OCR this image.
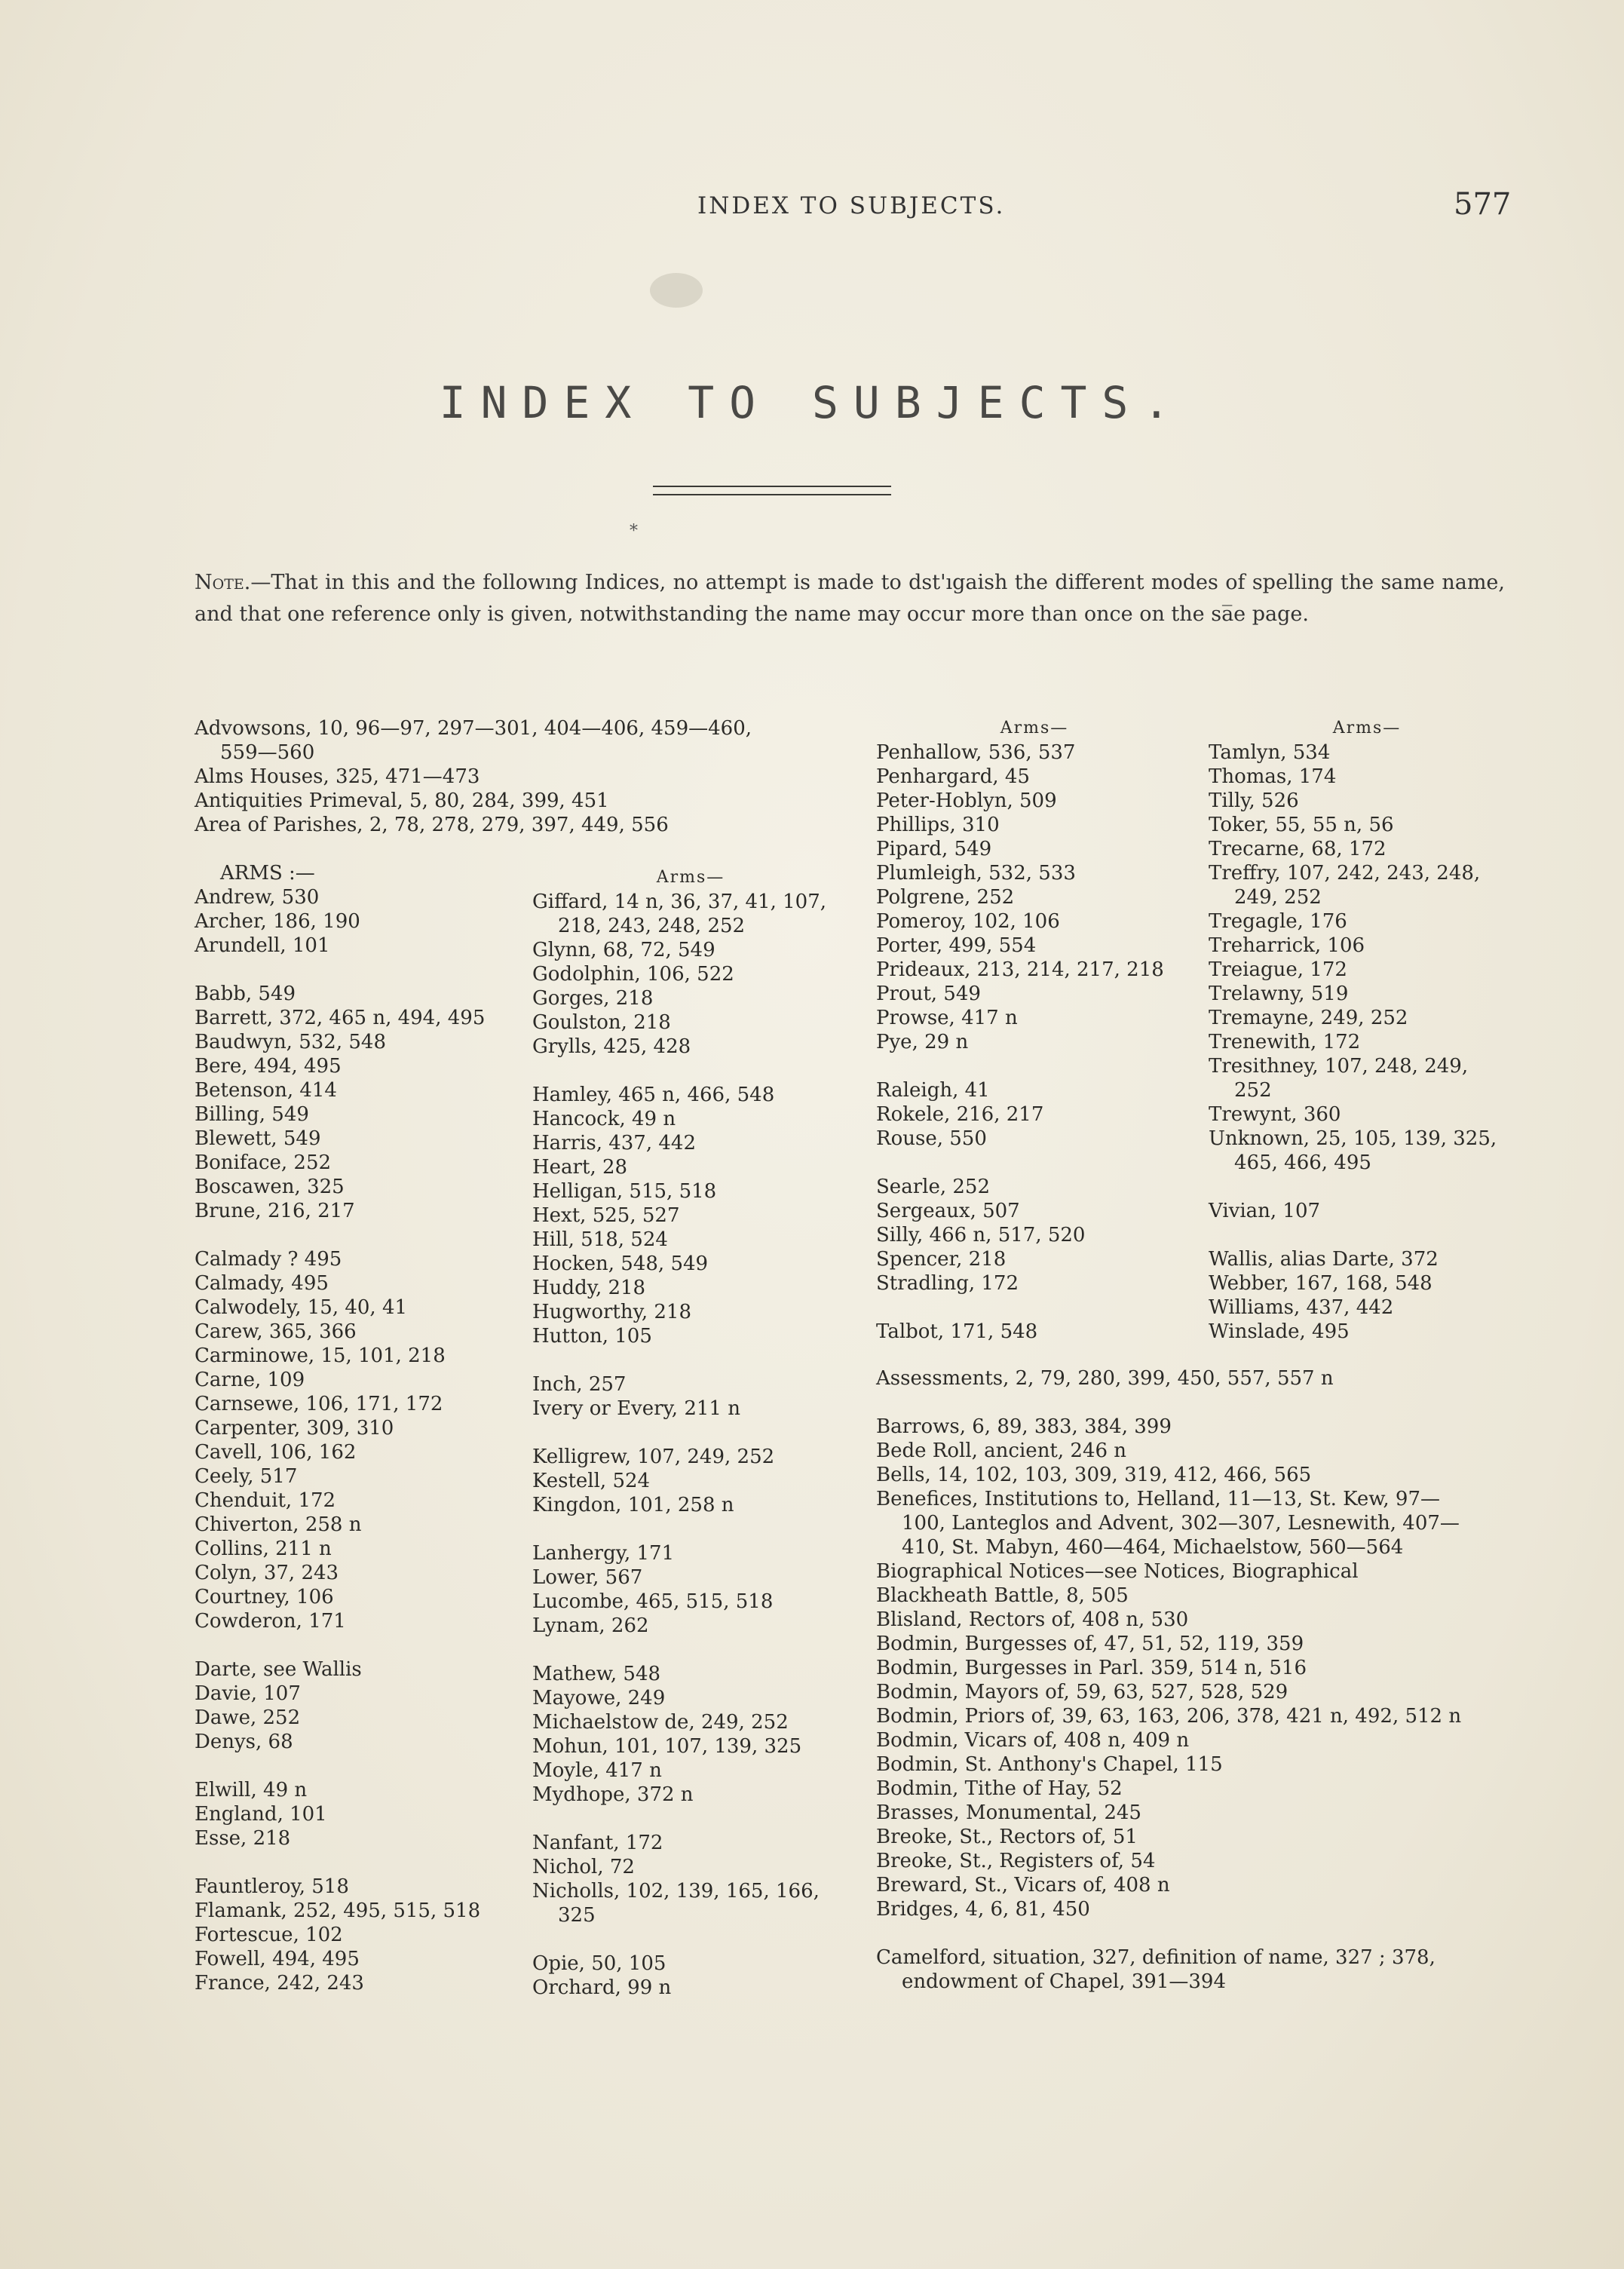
INDEX TO SUBJECTS.	577
INDEX TO SUBJECTS.
*
Note.—That in this and the followıng Indices, no attempt is made to dst'ıgaish the different modes of spelling the same name, and that one reference only is given, notwithstanding the name may occur more than once on the sa̅e page.
Advowsons, 10, 96—97, 297—301, 404—406, 459—460,
559—560
Alms Houses, 325, 471—473
Antiquities Primeval, 5, 80, 284, 399, 451
Area of Parishes, 2, 78, 278, 279, 397, 449, 556
ARMS :—
Andrew, 530
Archer, 186, 190
Arundell, 101
Babb, 549
Barrett, 372, 465 n, 494, 495
Baudwyn, 532, 548
Bere, 494, 495
Betenson, 414
Billing, 549
Blewett, 549
Boniface, 252
Boscawen, 325
Brune, 216, 217
Calmady ? 495
Calmady, 495
Calwodely, 15, 40, 41
Carew, 365, 366
Carminowe, 15, 101, 218
Carne, 109
Carnsewe, 106, 171, 172
Carpenter, 309, 310
Cavell, 106, 162
Ceely, 517
Chenduit, 172
Chiverton, 258 n
Collins, 211 n
Colyn, 37, 243
Courtney, 106
Cowderon, 171
Darte, see Wallis
Davie, 107
Dawe, 252
Denys, 68
Elwill, 49 n
England, 101
Esse, 218
Fauntleroy, 518
Flamank, 252, 495, 515, 518
Fortescue, 102
Fowell, 494, 495
France, 242, 243
Arms—
Giffard, 14 n, 36, 37, 41, 107,
218, 243, 248, 252
Glynn, 68, 72, 549
Godolphin, 106, 522
Gorges, 218
Goulston, 218
Grylls, 425, 428
Hamley, 465 n, 466, 548
Hancock, 49 n
Harris, 437, 442
Heart, 28
Helligan, 515, 518
Hext, 525, 527
Hill, 518, 524
Hocken, 548, 549
Huddy, 218
Hugworthy, 218
Hutton, 105
Inch, 257
Ivery or Every, 211 n
Kelligrew, 107, 249, 252
Kestell, 524
Kingdon, 101, 258 n
Lanhergy, 171
Lower, 567
Lucombe, 465, 515, 518
Lynam, 262
Mathew, 548
Mayowe, 249
Michaelstow de, 249, 252
Mohun, 101, 107, 139, 325
Moyle, 417 n
Mydhope, 372 n
Nanfant, 172
Nichol, 72
Nicholls, 102, 139, 165, 166,
325
Opie, 50, 105
Orchard, 99 n
Arms—
Penhallow, 536, 537
Penhargard, 45
Peter-Hoblyn, 509
Phillips, 310
Pipard, 549
Plumleigh, 532, 533
Polgrene, 252
Pomeroy, 102, 106
Porter, 499, 554
Prideaux, 213, 214, 217, 218
Prout, 549
Prowse, 417 n
Pye, 29 n
Raleigh, 41
Rokele, 216, 217
Rouse, 550
Searle, 252
Sergeaux, 507
Silly, 466 n, 517, 520
Spencer, 218
Stradling, 172
Talbot, 171, 548
Arms—
Tamlyn, 534
Thomas, 174
Tilly, 526
Toker, 55, 55 n, 56
Trecarne, 68, 172
Treffry, 107, 242, 243, 248,
249, 252
Tregagle, 176
Treharrick, 106
Treiague, 172
Trelawny, 519
Tremayne, 249, 252
Trenewith, 172
Tresithney, 107, 248, 249,
252
Trewynt, 360
Unknown, 25, 105, 139, 325,
465, 466, 495
Vivian, 107
Wallis, alias Darte, 372
Webber, 167, 168, 548
Williams, 437, 442
Winslade, 495
Assessments, 2, 79, 280, 399, 450, 557, 557 n
Barrows, 6, 89, 383, 384, 399
Bede Roll, ancient, 246 n
Bells, 14, 102, 103, 309, 319, 412, 466, 565
Benefices, Institutions to, Helland, 11—13, St. Kew, 97—
100, Lanteglos and Advent, 302—307, Lesnewith, 407—
410, St. Mabyn, 460—464, Michaelstow, 560—564
Biographical Notices—see Notices, Biographical
Blackheath Battle, 8, 505
Blisland, Rectors of, 408 n, 530
Bodmin, Burgesses of, 47, 51, 52, 119, 359
Bodmin, Burgesses in Parl. 359, 514 n, 516
Bodmin, Mayors of, 59, 63, 527, 528, 529
Bodmin, Priors of, 39, 63, 163, 206, 378, 421 n, 492, 512 n
Bodmin, Vicars of, 408 n, 409 n
Bodmin, St. Anthony's Chapel, 115
Bodmin, Tithe of Hay, 52
Brasses, Monumental, 245
Breoke, St., Rectors of, 51
Breoke, St., Registers of, 54
Breward, St., Vicars of, 408 n
Bridges, 4, 6, 81, 450
Camelford, situation, 327, definition of name, 327 ; 378,
endowment of Chapel, 391—394
